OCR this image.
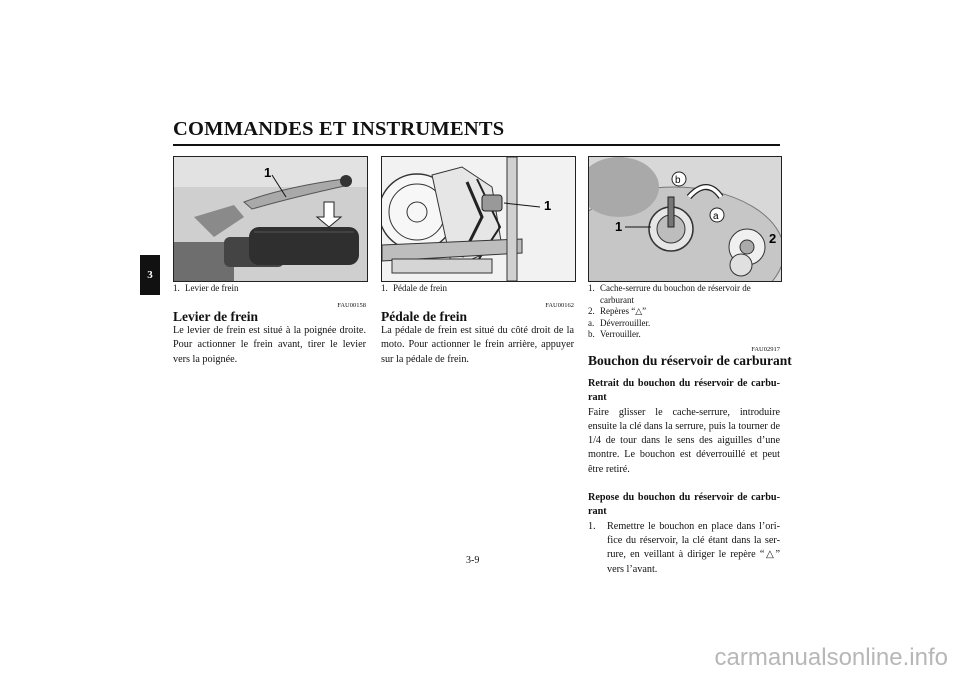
COMMANDES ET INSTRUMENTS
3
1
1
b
a
1
2
1. Levier de frein
FAU00158
Levier de frein
Le levier de frein est situé à la poignée droite. Pour actionner le frein avant, tirer le levier vers la poignée.
1. Pédale de frein
FAU00162
Pédale de frein
La pédale de frein est situé du côté droit de la moto. Pour actionner le frein arrière, appuyer sur la pédale de frein.
1. Cache-serrure du bouchon de réservoir de carburant
2. Repères “△”
a. Déverrouiller.
b. Verrouiller.
FAU02917
Bouchon du réservoir de carburant
Retrait du bouchon du réservoir de carbu-rant
Faire glisser le cache-serrure, introduire ensuite la clé dans la serrure, puis la tourner de 1/4 de tour dans le sens des aiguilles d’une montre. Le bouchon est déverrouillé et peut être retiré.
Repose du bouchon du réservoir de carbu-rant
1. Remettre le bouchon en place dans l’ori-fice du réservoir, la clé étant dans la ser-rure, en veillant à diriger le repère “△” vers l’avant.
3-9
carmanualsonline.info
